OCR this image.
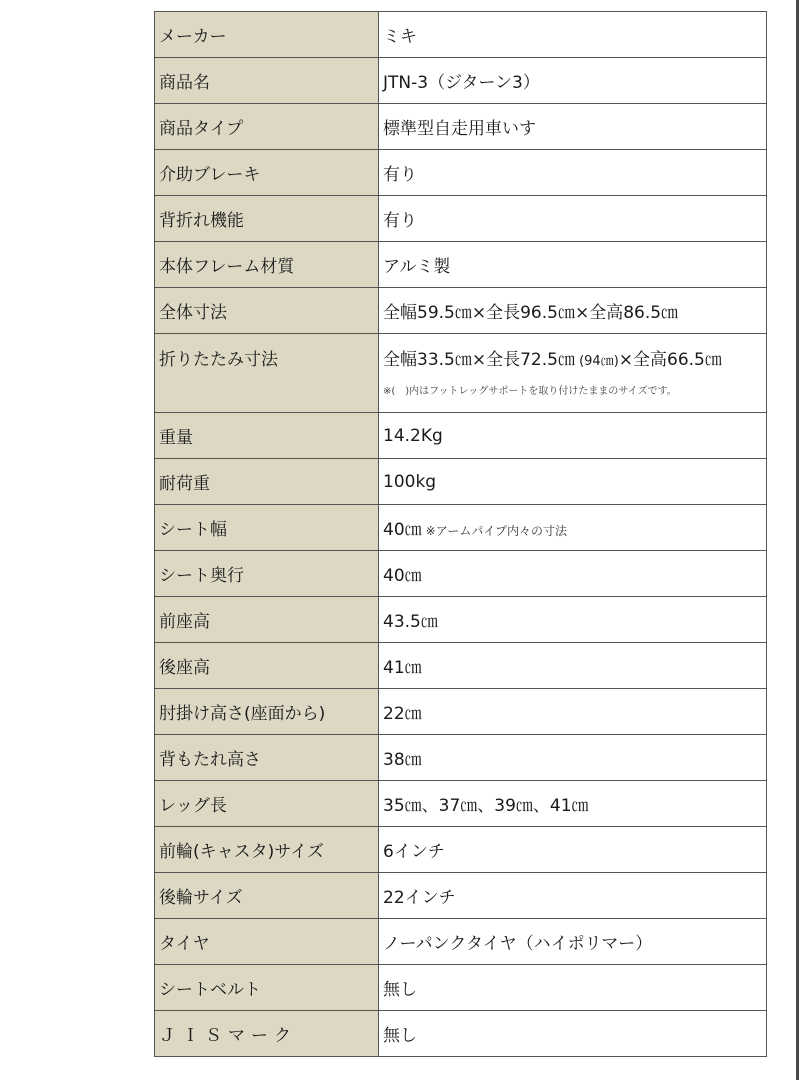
メーカー	ミキ
商品名	JTN-3（ジターン3）
商品タイプ	標準型自走用車いす
介助ブレーキ	有り
背折れ機能	有り
本体フレーム材質	アルミ製
全体寸法	全幅59.5㎝×全長96.5㎝×全高86.5㎝
折りたたみ寸法	全幅33.5㎝×全長72.5㎝ (94㎝)×全高66.5㎝
※(　)内はフットレッグサポートを取り付けたままのサイズです。

重量	14.2Kg
耐荷重	100kg
シート幅	40㎝ ※アームパイプ内々の寸法
シート奥行	40㎝
前座高	43.5㎝
後座高	41㎝
肘掛け高さ(座面から)	22㎝
背もたれ高さ	38㎝
レッグ長	35㎝、37㎝、39㎝、41㎝
前輪(キャスタ)サイズ	6インチ
後輪サイズ	22インチ
タイヤ	ノーパンクタイヤ（ハイポリマー）
シートベルト	無し
ＪＩＳマーク	無し
